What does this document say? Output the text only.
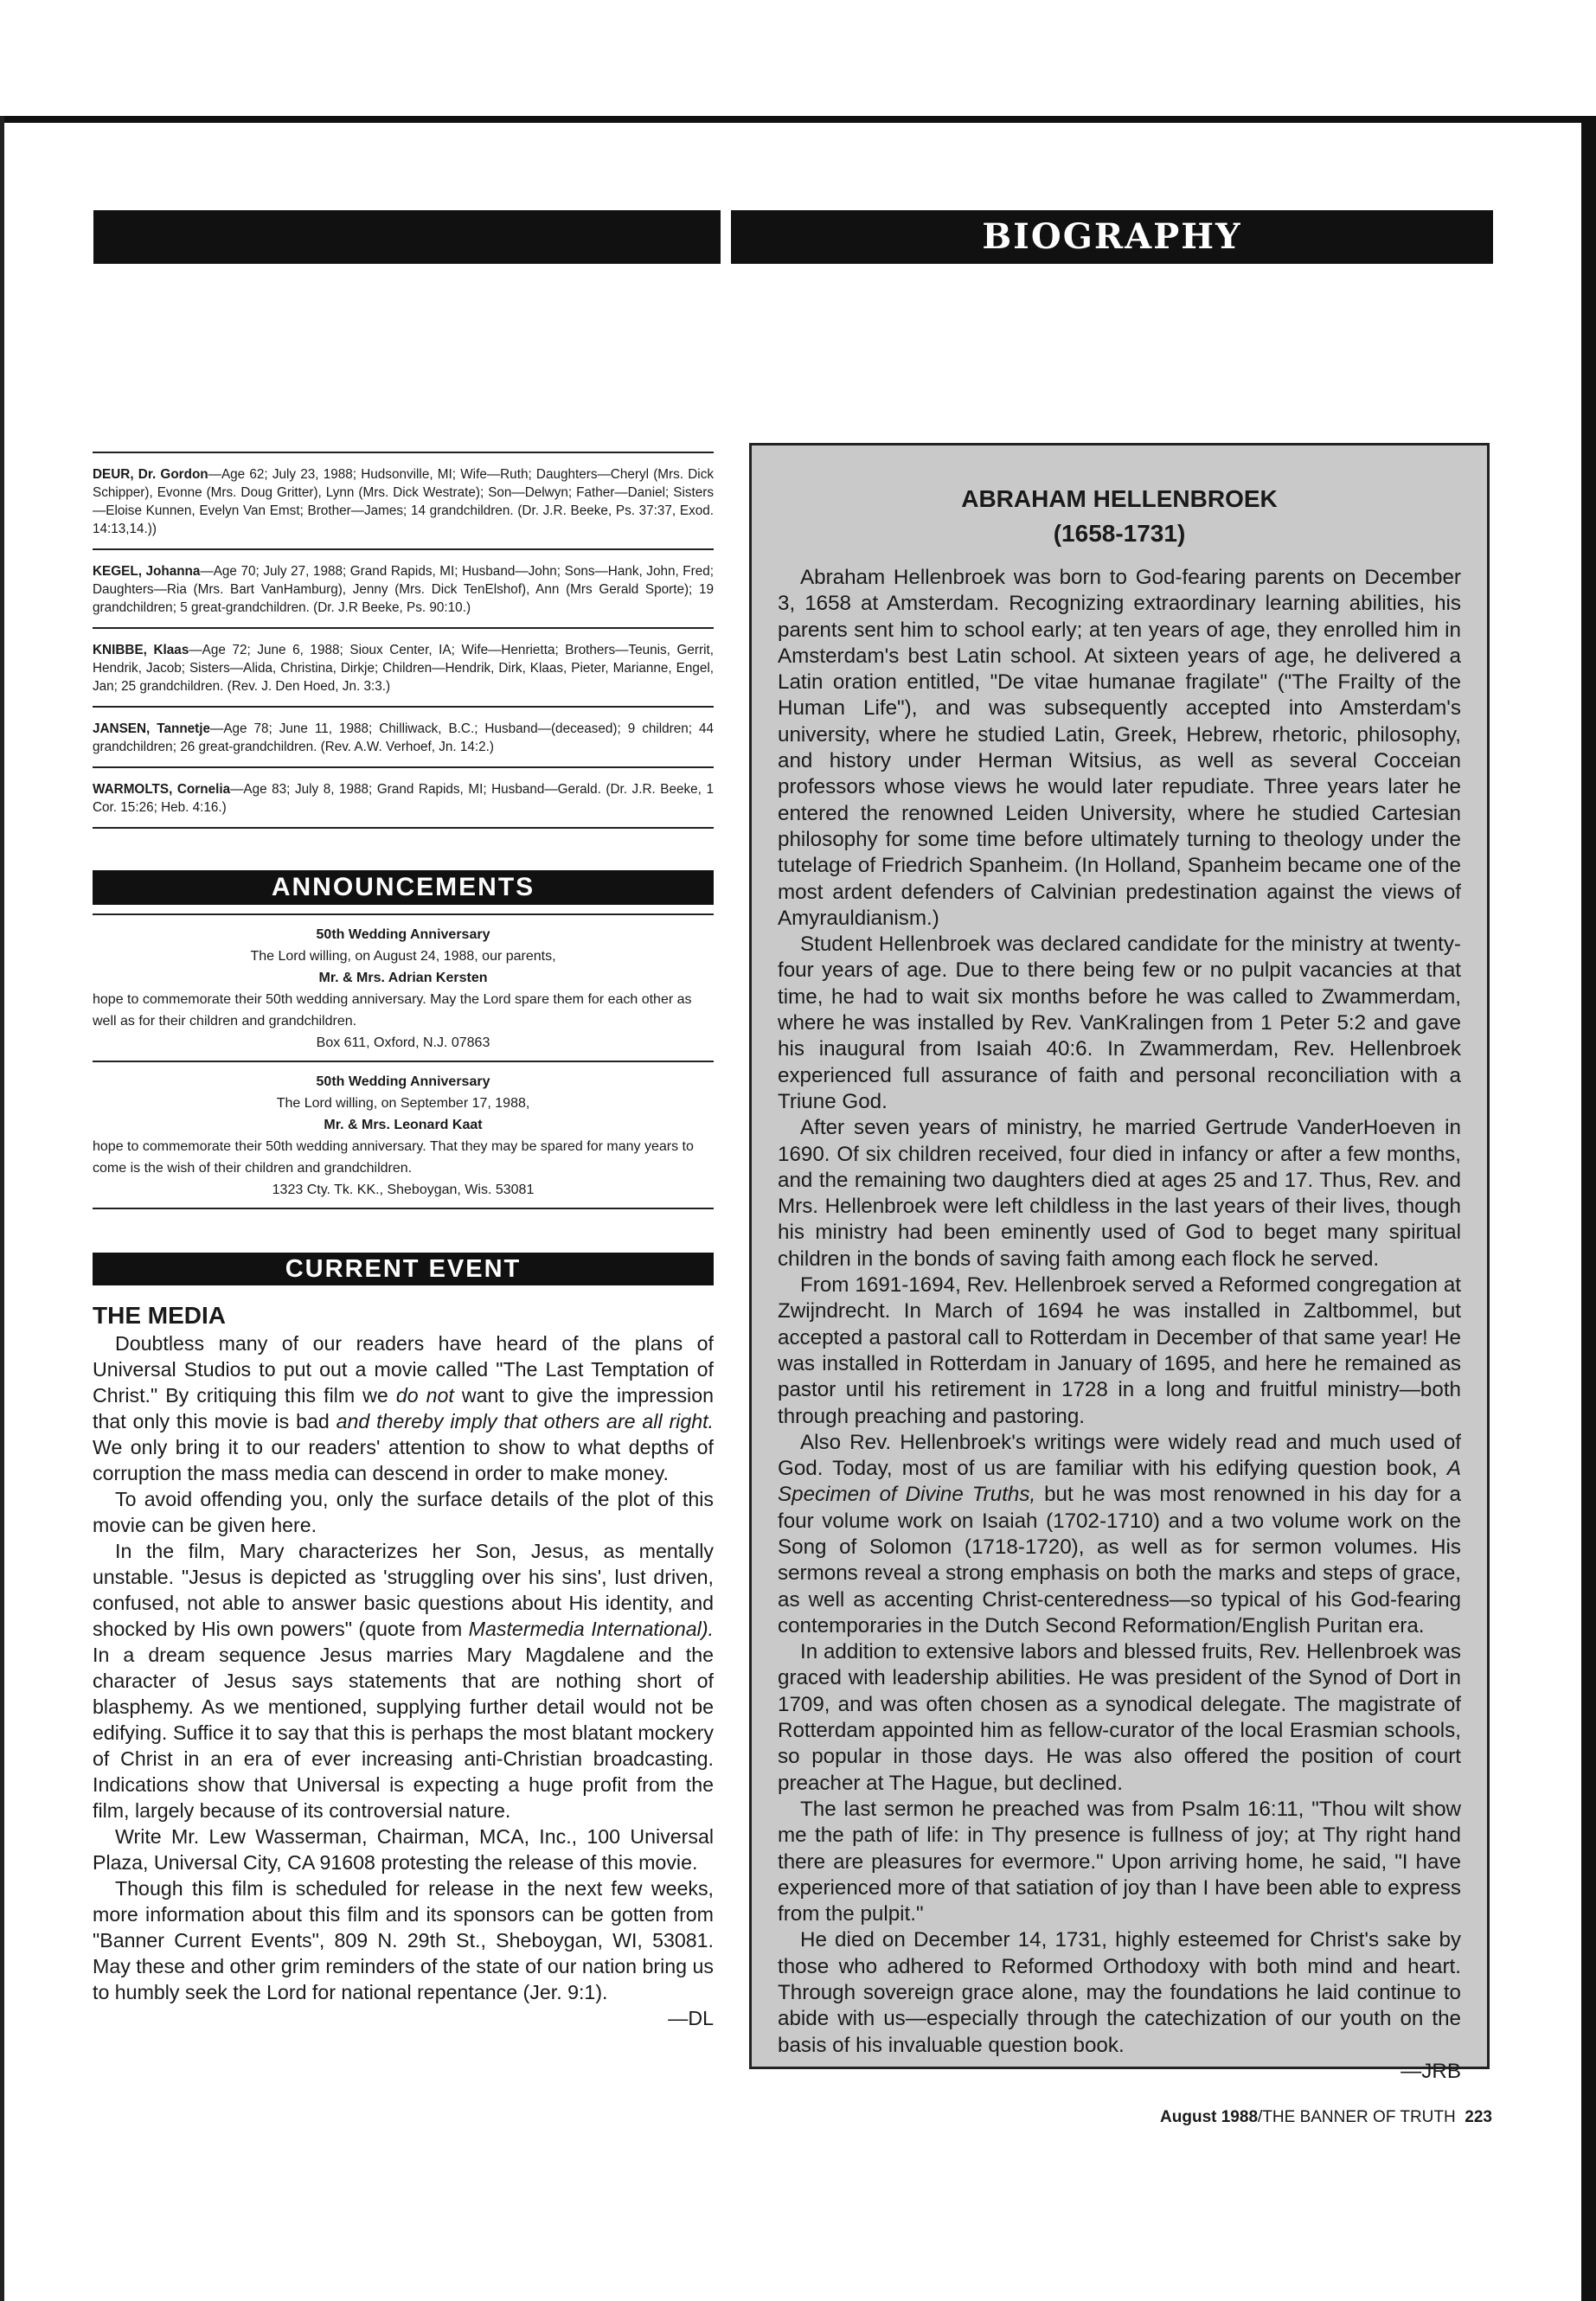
BIOGRAPHY
DEUR, Dr. Gordon—Age 62; July 23, 1988; Hudsonville, MI; Wife—Ruth; Daughters—Cheryl (Mrs. Dick Schipper), Evonne (Mrs. Doug Gritter), Lynn (Mrs. Dick Westrate); Son—Delwyn; Father—Daniel; Sisters—Eloise Kunnen, Evelyn Van Emst; Brother—James; 14 grandchildren. (Dr. J.R. Beeke, Ps. 37:37, Exod. 14:13,14.))
KEGEL, Johanna—Age 70; July 27, 1988; Grand Rapids, MI; Husband—John; Sons—Hank, John, Fred; Daughters—Ria (Mrs. Bart VanHamburg), Jenny (Mrs. Dick TenElshof), Ann (Mrs Gerald Sporte); 19 grandchildren; 5 great-grandchildren. (Dr. J.R Beeke, Ps. 90:10.)
KNIBBE, Klaas—Age 72; June 6, 1988; Sioux Center, IA; Wife—Henrietta; Brothers—Teunis, Gerrit, Hendrik, Jacob; Sisters—Alida, Christina, Dirkje; Children—Hendrik, Dirk, Klaas, Pieter, Marianne, Engel, Jan; 25 grandchildren. (Rev. J. Den Hoed, Jn. 3:3.)
JANSEN, Tannetje—Age 78; June 11, 1988; Chilliwack, B.C.; Husband—(deceased); 9 children; 44 grandchildren; 26 great-grandchildren. (Rev. A.W. Verhoef, Jn. 14:2.)
WARMOLTS, Cornelia—Age 83; July 8, 1988; Grand Rapids, MI; Husband—Gerald. (Dr. J.R. Beeke, 1 Cor. 15:26; Heb. 4:16.)
ANNOUNCEMENTS
50th Wedding Anniversary
The Lord willing, on August 24, 1988, our parents,
Mr. & Mrs. Adrian Kersten
hope to commemorate their 50th wedding anniversary. May the Lord spare them for each other as well as for their children and grandchildren.
Box 611, Oxford, N.J. 07863
50th Wedding Anniversary
The Lord willing, on September 17, 1988,
Mr. & Mrs. Leonard Kaat
hope to commemorate their 50th wedding anniversary. That they may be spared for many years to come is the wish of their children and grandchildren.
1323 Cty. Tk. KK., Sheboygan, Wis. 53081
CURRENT EVENT
THE MEDIA

Doubtless many of our readers have heard of the plans of Universal Studios to put out a movie called "The Last Temptation of Christ." By critiquing this film we do not want to give the impression that only this movie is bad and thereby imply that others are all right. We only bring it to our readers' attention to show to what depths of corruption the mass media can descend in order to make money.

To avoid offending you, only the surface details of the plot of this movie can be given here.

In the film, Mary characterizes her Son, Jesus, as mentally unstable. "Jesus is depicted as 'struggling over his sins', lust driven, confused, not able to answer basic questions about His identity, and shocked by His own powers" (quote from Mastermedia International). In a dream sequence Jesus marries Mary Magdalene and the character of Jesus says statements that are nothing short of blasphemy. As we mentioned, supplying further detail would not be edifying. Suffice it to say that this is perhaps the most blatant mockery of Christ in an era of ever increasing anti-Christian broadcasting. Indications show that Universal is expecting a huge profit from the film, largely because of its controversial nature.

Write Mr. Lew Wasserman, Chairman, MCA, Inc., 100 Universal Plaza, Universal City, CA 91608 protesting the release of this movie.

Though this film is scheduled for release in the next few weeks, more information about this film and its sponsors can be gotten from "Banner Current Events", 809 N. 29th St., Sheboygan, WI, 53081. May these and other grim reminders of the state of our nation bring us to humbly seek the Lord for national repentance (Jer. 9:1).

—DL
ABRAHAM HELLENBROEK
(1658-1731)

Abraham Hellenbroek was born to God-fearing parents on December 3, 1658 at Amsterdam. Recognizing extraordinary learning abilities, his parents sent him to school early; at ten years of age, they enrolled him in Amsterdam's best Latin school. At sixteen years of age, he delivered a Latin oration entitled, "De vitae humanae fragilate" ("The Frailty of the Human Life"), and was subsequently accepted into Amsterdam's university, where he studied Latin, Greek, Hebrew, rhetoric, philosophy, and history under Herman Witsius, as well as several Cocceian professors whose views he would later repudiate. Three years later he entered the renowned Leiden University, where he studied Cartesian philosophy for some time before ultimately turning to theology under the tutelage of Friedrich Spanheim. (In Holland, Spanheim became one of the most ardent defenders of Calvinian predestination against the views of Amyrauldianism.)

Student Hellenbroek was declared candidate for the ministry at twenty-four years of age. Due to there being few or no pulpit vacancies at that time, he had to wait six months before he was called to Zwammerdam, where he was installed by Rev. VanKralingen from 1 Peter 5:2 and gave his inaugural from Isaiah 40:6. In Zwammerdam, Rev. Hellenbroek experienced full assurance of faith and personal reconciliation with a Triune God.

After seven years of ministry, he married Gertrude VanderHoeven in 1690. Of six children received, four died in infancy or after a few months, and the remaining two daughters died at ages 25 and 17. Thus, Rev. and Mrs. Hellenbroek were left childless in the last years of their lives, though his ministry had been eminently used of God to beget many spiritual children in the bonds of saving faith among each flock he served.

From 1691-1694, Rev. Hellenbroek served a Reformed congregation at Zwijndrecht. In March of 1694 he was installed in Zaltbommel, but accepted a pastoral call to Rotterdam in December of that same year! He was installed in Rotterdam in January of 1695, and here he remained as pastor until his retirement in 1728 in a long and fruitful ministry—both through preaching and pastoring.

Also Rev. Hellenbroek's writings were widely read and much used of God. Today, most of us are familiar with his edifying question book, A Specimen of Divine Truths, but he was most renowned in his day for a four volume work on Isaiah (1702-1710) and a two volume work on the Song of Solomon (1718-1720), as well as for sermon volumes. His sermons reveal a strong emphasis on both the marks and steps of grace, as well as accenting Christ-centeredness—so typical of his God-fearing contemporaries in the Dutch Second Reformation/English Puritan era.

In addition to extensive labors and blessed fruits, Rev. Hellenbroek was graced with leadership abilities. He was president of the Synod of Dort in 1709, and was often chosen as a synodical delegate. The magistrate of Rotterdam appointed him as fellow-curator of the local Erasmian schools, so popular in those days. He was also offered the position of court preacher at The Hague, but declined.

The last sermon he preached was from Psalm 16:11, "Thou wilt show me the path of life: in Thy presence is fullness of joy; at Thy right hand there are pleasures for evermore." Upon arriving home, he said, "I have experienced more of that satiation of joy than I have been able to express from the pulpit."

He died on December 14, 1731, highly esteemed for Christ's sake by those who adhered to Reformed Orthodoxy with both mind and heart. Through sovereign grace alone, may the foundations he laid continue to abide with us—especially through the catechization of our youth on the basis of his invaluable question book.

—JRB
August 1988/THE BANNER OF TRUTH 223
